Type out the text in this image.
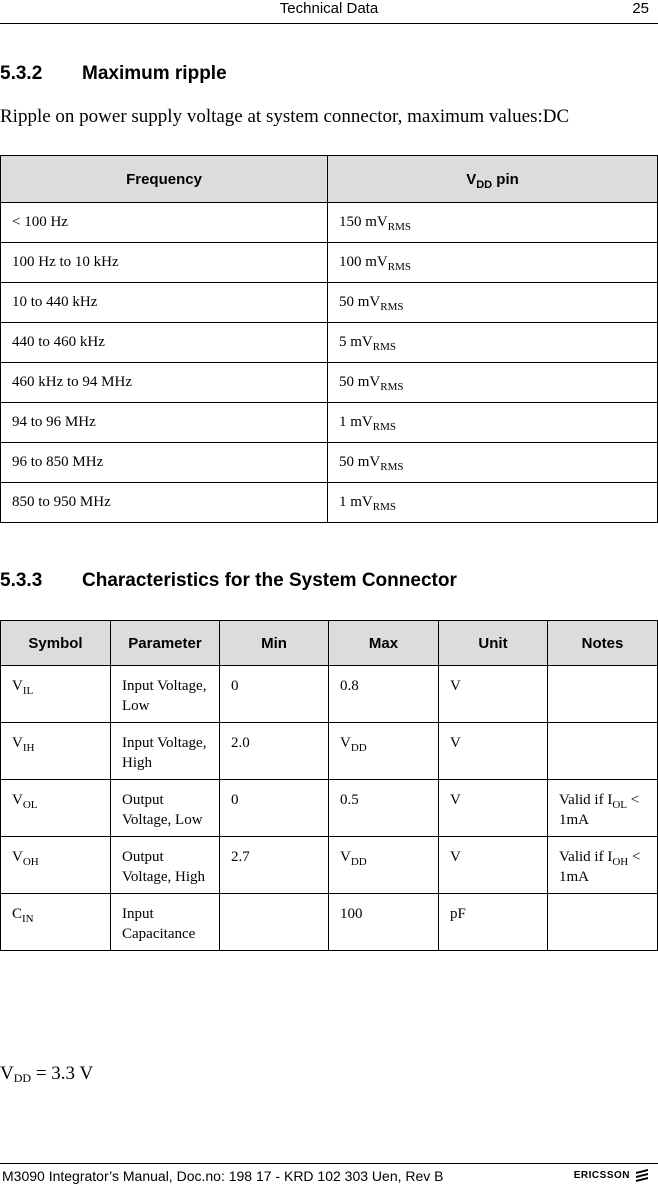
Technical Data	25
5.3.2 Maximum ripple
Ripple on power supply voltage at system connector, maximum values:DC
Frequency	$V_{DD}$ pin
< 100 Hz	150 $mV_{RMS}$
100 Hz to 10 kHz	100 $mV_{RMS}$
10 to 440 kHz	50 $mV_{RMS}$
440 to 460 kHz	5 $mV_{RMS}$
460 kHz to 94 MHz	50 $mV_{RMS}$
94 to 96 MHz	1 $mV_{RMS}$
96 to 850 MHz	50 $mV_{RMS}$
850 to 950 MHz	1 $mV_{RMS}$
5.3.3 Characteristics for the System Connector
Symbol	Parameter	Min	Max	Unit	Notes
$V_{IL}$	Input Voltage, Low	0	0.8	V	
$V_{IH}$	Input Voltage, High	2.0	$V_{DD}$	V	
$V_{OL}$	Output Voltage, Low	0	0.5	V	Valid if $I_{OL} < 1mA$
$V_{OH}$	Output Voltage, High	2.7	$V_{DD}$	V	Valid if $I_{OH} < 1mA$
$C_{IN}$	Input Capacitance		100	pF	
$V_{DD} = 3.3$ V
M3090 Integrator’s Manual, Doc.no: 198 17 - KRD 102 303 Uen, Rev B	ERICSSON
